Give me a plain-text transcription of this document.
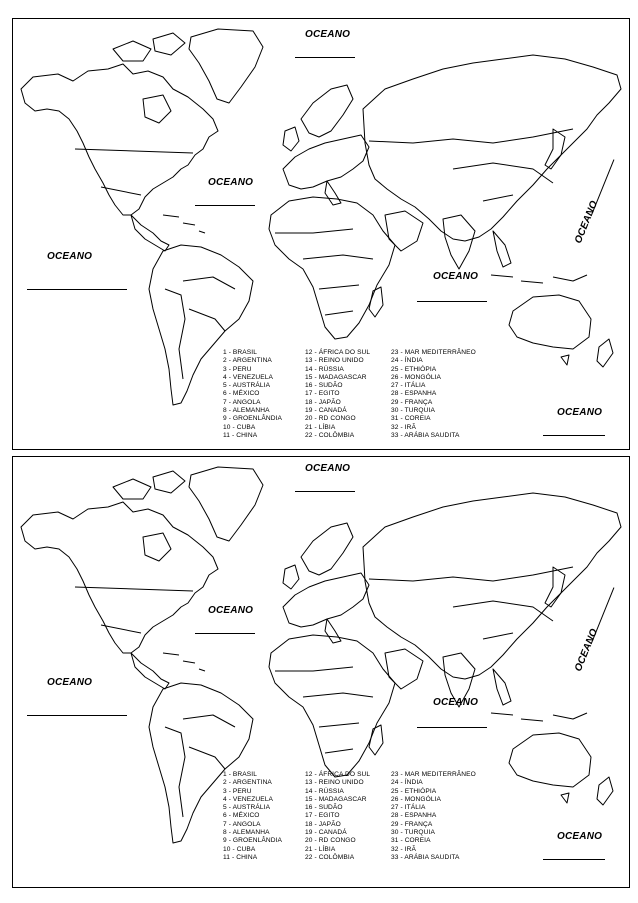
OCEANO
OCEANO
OCEANO
OCEANO
OCEANO
OCEANO
1 - BRASIL
2 - ARGENTINA
3 - PERU
4 - VENEZUELA
5 - AUSTRÁLIA
6 - MÉXICO
7 - ANGOLA
8 - ALEMANHA
9 - GROENLÂNDIA
10 - CUBA
11 - CHINA
12 - ÁFRICA DO SUL
13 - REINO UNIDO
14 - RÚSSIA
15 - MADAGASCAR
16 - SUDÃO
17 - EGITO
18 - JAPÃO
19 - CANADÁ
20 - RD CONGO
21 - LÍBIA
22 - COLÔMBIA
23 - MAR MEDITERRÂNEO
24 - ÍNDIA
25 - ETHIÓPIA
26 - MONGÓLIA
27 - ITÁLIA
28 - ESPANHA
29 - FRANÇA
30 - TURQUIA
31 - COREIA
32 - IRÃ
33 - ARÁBIA SAUDITA
OCEANO
OCEANO
OCEANO
OCEANO
OCEANO
OCEANO
1 - BRASIL
2 - ARGENTINA
3 - PERU
4 - VENEZUELA
5 - AUSTRÁLIA
6 - MÉXICO
7 - ANGOLA
8 - ALEMANHA
9 - GROENLÂNDIA
10 - CUBA
11 - CHINA
12 - ÁFRICA DO SUL
13 - REINO UNIDO
14 - RÚSSIA
15 - MADAGASCAR
16 - SUDÃO
17 - EGITO
18 - JAPÃO
19 - CANADÁ
20 - RD CONGO
21 - LÍBIA
22 - COLÔMBIA
23 - MAR MEDITERRÂNEO
24 - ÍNDIA
25 - ETHIÓPIA
26 - MONGÓLIA
27 - ITÁLIA
28 - ESPANHA
29 - FRANÇA
30 - TURQUIA
31 - COREIA
32 - IRÃ
33 - ARÁBIA SAUDITA
